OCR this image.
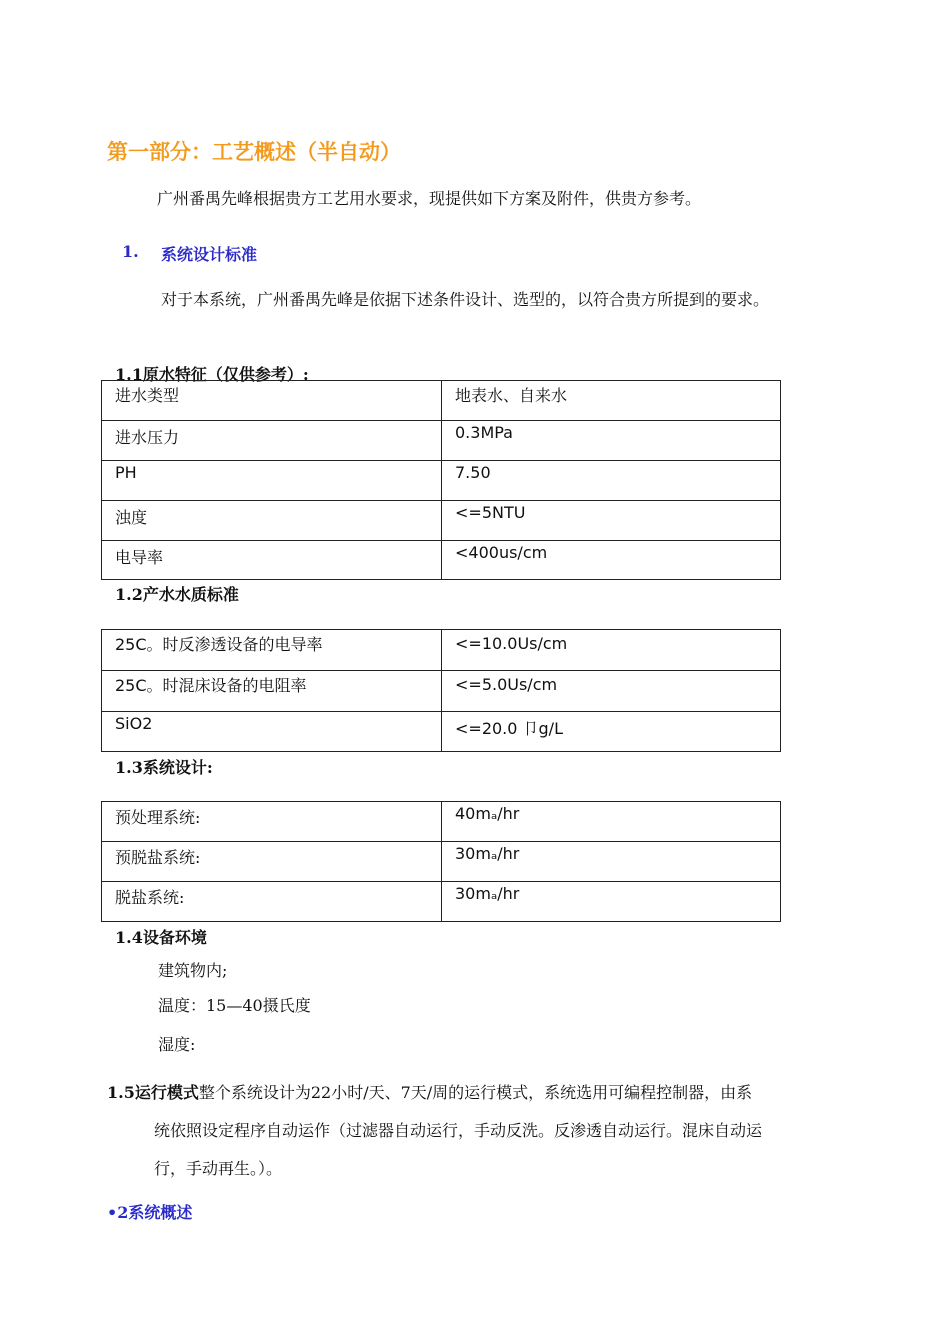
第一部分：工艺概述（半自动）
广州番禺先峰根据贵方工艺用水要求，现提供如下方案及附件，供贵方参考。
1. 系统设计标准
对于本系统，广州番禺先峰是依据下述条件设计、选型的，以符合贵方所提到的要求。
1.1原水特征（仅供参考）:
进水类型	地表水、自来水
进水压力	0.3MPa
PH	7.50
浊度	<=5NTU
电导率	<400us/cm
1.2产水水质标准
25C。时反渗透设备的电导率	<=10.0Us/cm
25C。时混床设备的电阻率	<=5.0Us/cm
SiO2	<=20.0 卩g/L
1.3系统设计:
预处理系统:	40mₐ/hr
预脱盐系统:	30mₐ/hr
脱盐系统:	30mₐ/hr
1.4设备环境
建筑物内;
温度：15—40摄氏度
湿度:
1.5运行模式整个系统设计为22小时/天、7天/周的运行模式，系统选用可编程控制器，由系
统依照设定程序自动运作（过滤器自动运行，手动反洗。反渗透自动运行。混床自动运
行，手动再生。）。
•2系统概述
